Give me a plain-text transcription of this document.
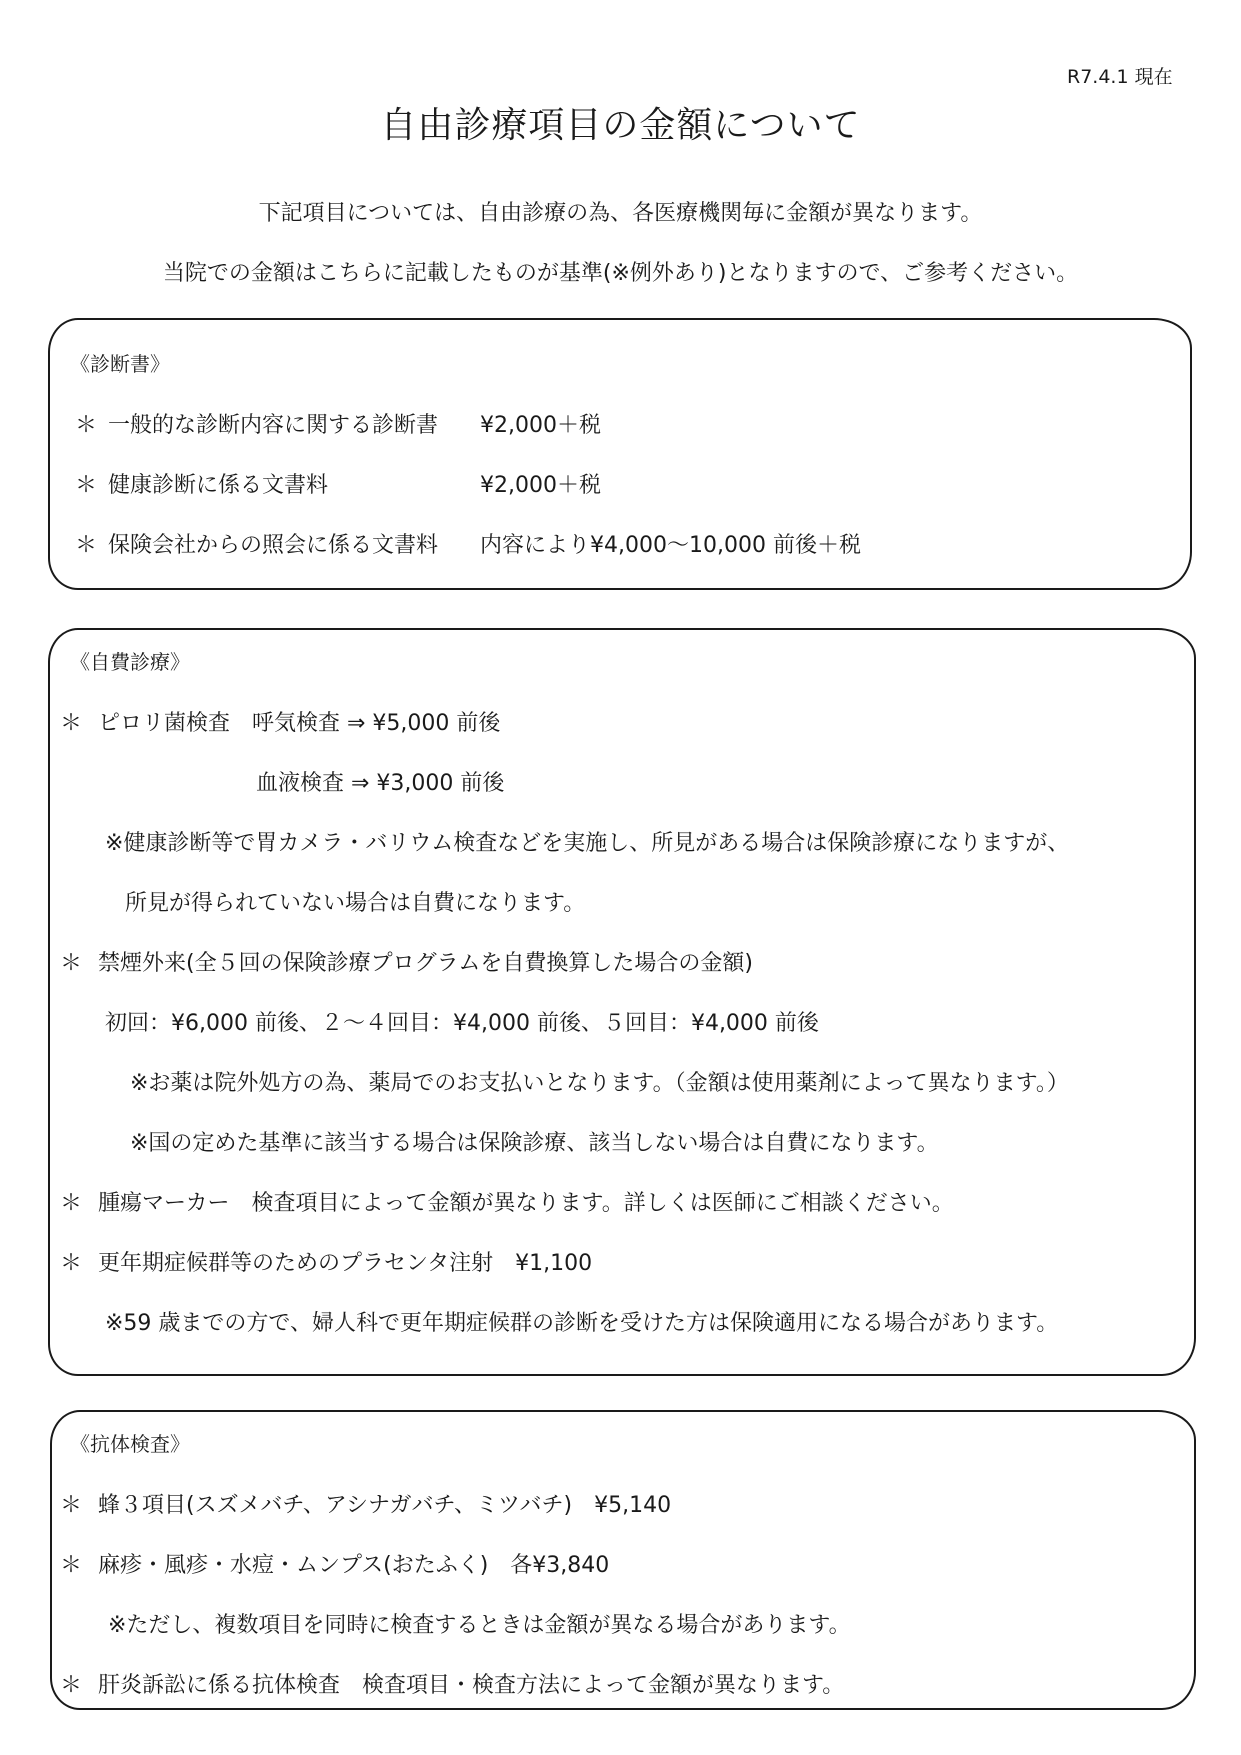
R7.4.1 現在
自由診療項目の金額について
下記項目については、自由診療の為、各医療機関毎に金額が異なります。
当院での金額はこちらに記載したものが基準(※例外あり)となりますので、ご参考ください。
《診断書》
＊ 一般的な診断内容に関する診断書 ¥2,000＋税
＊ 健康診断に係る文書料	¥2,000＋税
＊ 保険会社からの照会に係る文書料 内容により¥4,000～10,000 前後＋税
《自費診療》
＊ ピロリ菌検査　呼気検査 ⇒ ¥5,000 前後
血液検査 ⇒ ¥3,000 前後
※健康診断等で胃カメラ・バリウム検査などを実施し、所見がある場合は保険診療になりますが、
所見が得られていない場合は自費になります。
＊ 禁煙外来(全５回の保険診療プログラムを自費換算した場合の金額)
初回：¥6,000 前後、２～４回目：¥4,000 前後、５回目：¥4,000 前後
※お薬は院外処方の為、薬局でのお支払いとなります。（金額は使用薬剤によって異なります。）
※国の定めた基準に該当する場合は保険診療、該当しない場合は自費になります。
＊ 腫瘍マーカー　検査項目によって金額が異なります。詳しくは医師にご相談ください。
＊ 更年期症候群等のためのプラセンタ注射　¥1,100
※59 歳までの方で、婦人科で更年期症候群の診断を受けた方は保険適用になる場合があります。
《抗体検査》
＊ 蜂３項目(スズメバチ、アシナガバチ、ミツバチ)　¥5,140
＊ 麻疹・風疹・水痘・ムンプス(おたふく)　各¥3,840
※ただし、複数項目を同時に検査するときは金額が異なる場合があります。
＊ 肝炎訴訟に係る抗体検査　検査項目・検査方法によって金額が異なります。
